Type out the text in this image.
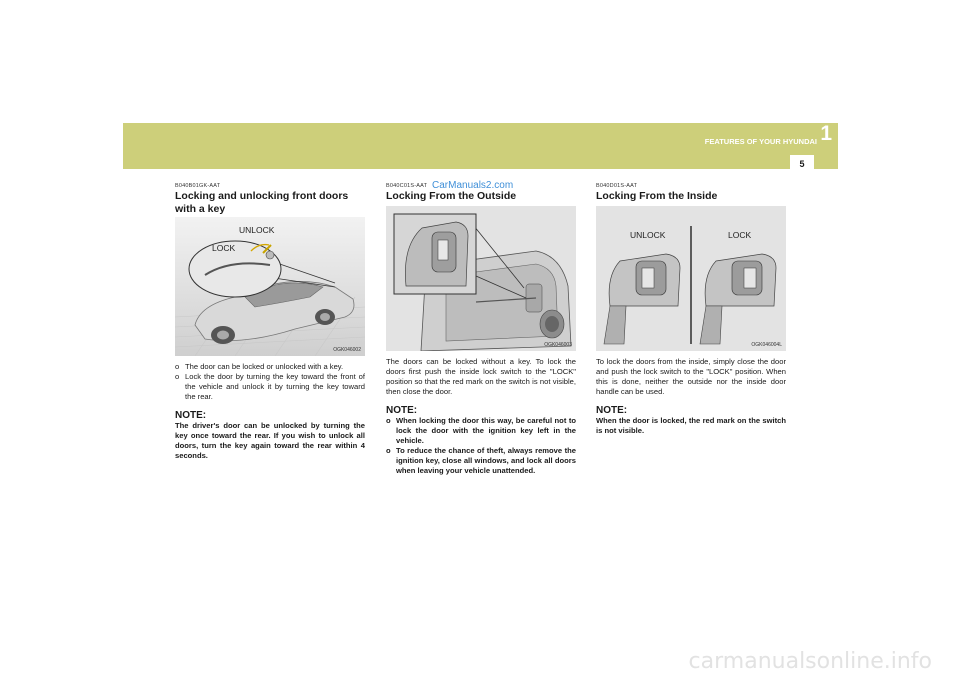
FEATURES OF YOUR HYUNDAI 1
5
CarManuals2.com
B040B01GK-AAT
Locking and unlocking front doors with a key
UNLOCK
LOCK
OGK046002
o The door can be locked or unlocked with a key.
o Lock the door by turning the key toward the front of the vehicle and unlock it by turning the key toward the rear.
NOTE:
The driver's door can be unlocked by turning the key once toward the rear. If you wish to unlock all doors, turn the key again toward the rear within 4 seconds.
B040C01S-AAT
Locking From the Outside
OGK046003

The doors can be locked without a key. To lock the doors first push the inside lock switch to the "LOCK" position so that the red mark on the switch is not visible, then close the door.

NOTE:
o When locking the door this way, be careful not to lock the door with the ignition key left in the vehicle.
o To reduce the chance of theft, always remove the ignition key, close all windows, and lock all doors when leaving your vehicle unattended.
B040D01S-AAT
Locking From the Inside
UNLOCK	LOCK
OGK046004L

To lock the doors from the inside, simply close the door and push the lock switch to the "LOCK" position. When this is done, neither the outside nor the inside door handle can be used.

NOTE:
When the door is locked, the red mark on the switch is not visible.
carmanualsonline.info
